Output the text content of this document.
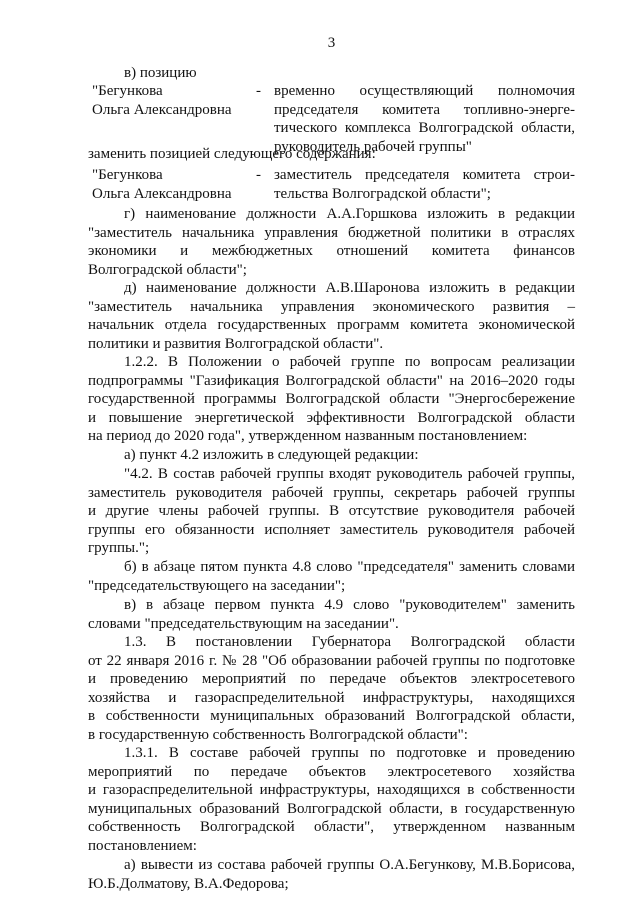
3
в) позицию
"Бегункова
Ольга Александровна
- временно осуществляющий полномочия
председателя комитета топливно-энерге-
тического комплекса Волгоградской области,
руководитель рабочей группы"
заменить позицией следующего содержания:
"Бегункова
Ольга Александровна
- заместитель председателя комитета строи-
тельства Волгоградской области";
г) наименование должности А.А.Горшкова изложить в редакции
"заместитель начальника управления бюджетной политики в отраслях
экономики и межбюджетных отношений комитета финансов
Волгоградской области";
д) наименование должности А.В.Шаронова изложить в редакции
"заместитель начальника управления экономического развития –
начальник отдела государственных программ комитета экономической
политики и развития Волгоградской области".
1.2.2. В Положении о рабочей группе по вопросам реализации
подпрограммы "Газификация Волгоградской области" на 2016–2020 годы
государственной программы Волгоградской области "Энергосбережение
и повышение энергетической эффективности Волгоградской области
на период до 2020 года", утвержденном названным постановлением:
а) пункт 4.2 изложить в следующей редакции:
"4.2. В состав рабочей группы входят руководитель рабочей группы,
заместитель руководителя рабочей группы, секретарь рабочей группы
и другие члены рабочей группы. В отсутствие руководителя рабочей
группы его обязанности исполняет заместитель руководителя рабочей
группы.";
б) в абзаце пятом пункта 4.8 слово "председателя" заменить словами
"председательствующего на заседании";
в) в абзаце первом пункта 4.9 слово "руководителем" заменить
словами "председательствующим на заседании".
1.3. В постановлении Губернатора Волгоградской области
от 22 января 2016 г. № 28 "Об образовании рабочей группы по подготовке
и проведению мероприятий по передаче объектов электросетевого
хозяйства и газораспределительной инфраструктуры, находящихся
в собственности муниципальных образований Волгоградской области,
в государственную собственность Волгоградской области":
1.3.1. В составе рабочей группы по подготовке и проведению
мероприятий по передаче объектов электросетевого хозяйства
и газораспределительной инфраструктуры, находящихся в собственности
муниципальных образований Волгоградской области, в государственную
собственность Волгоградской области", утвержденном названным
постановлением:
а) вывести из состава рабочей группы О.А.Бегункову, М.В.Борисова,
Ю.Б.Долматову, В.А.Федорова;
